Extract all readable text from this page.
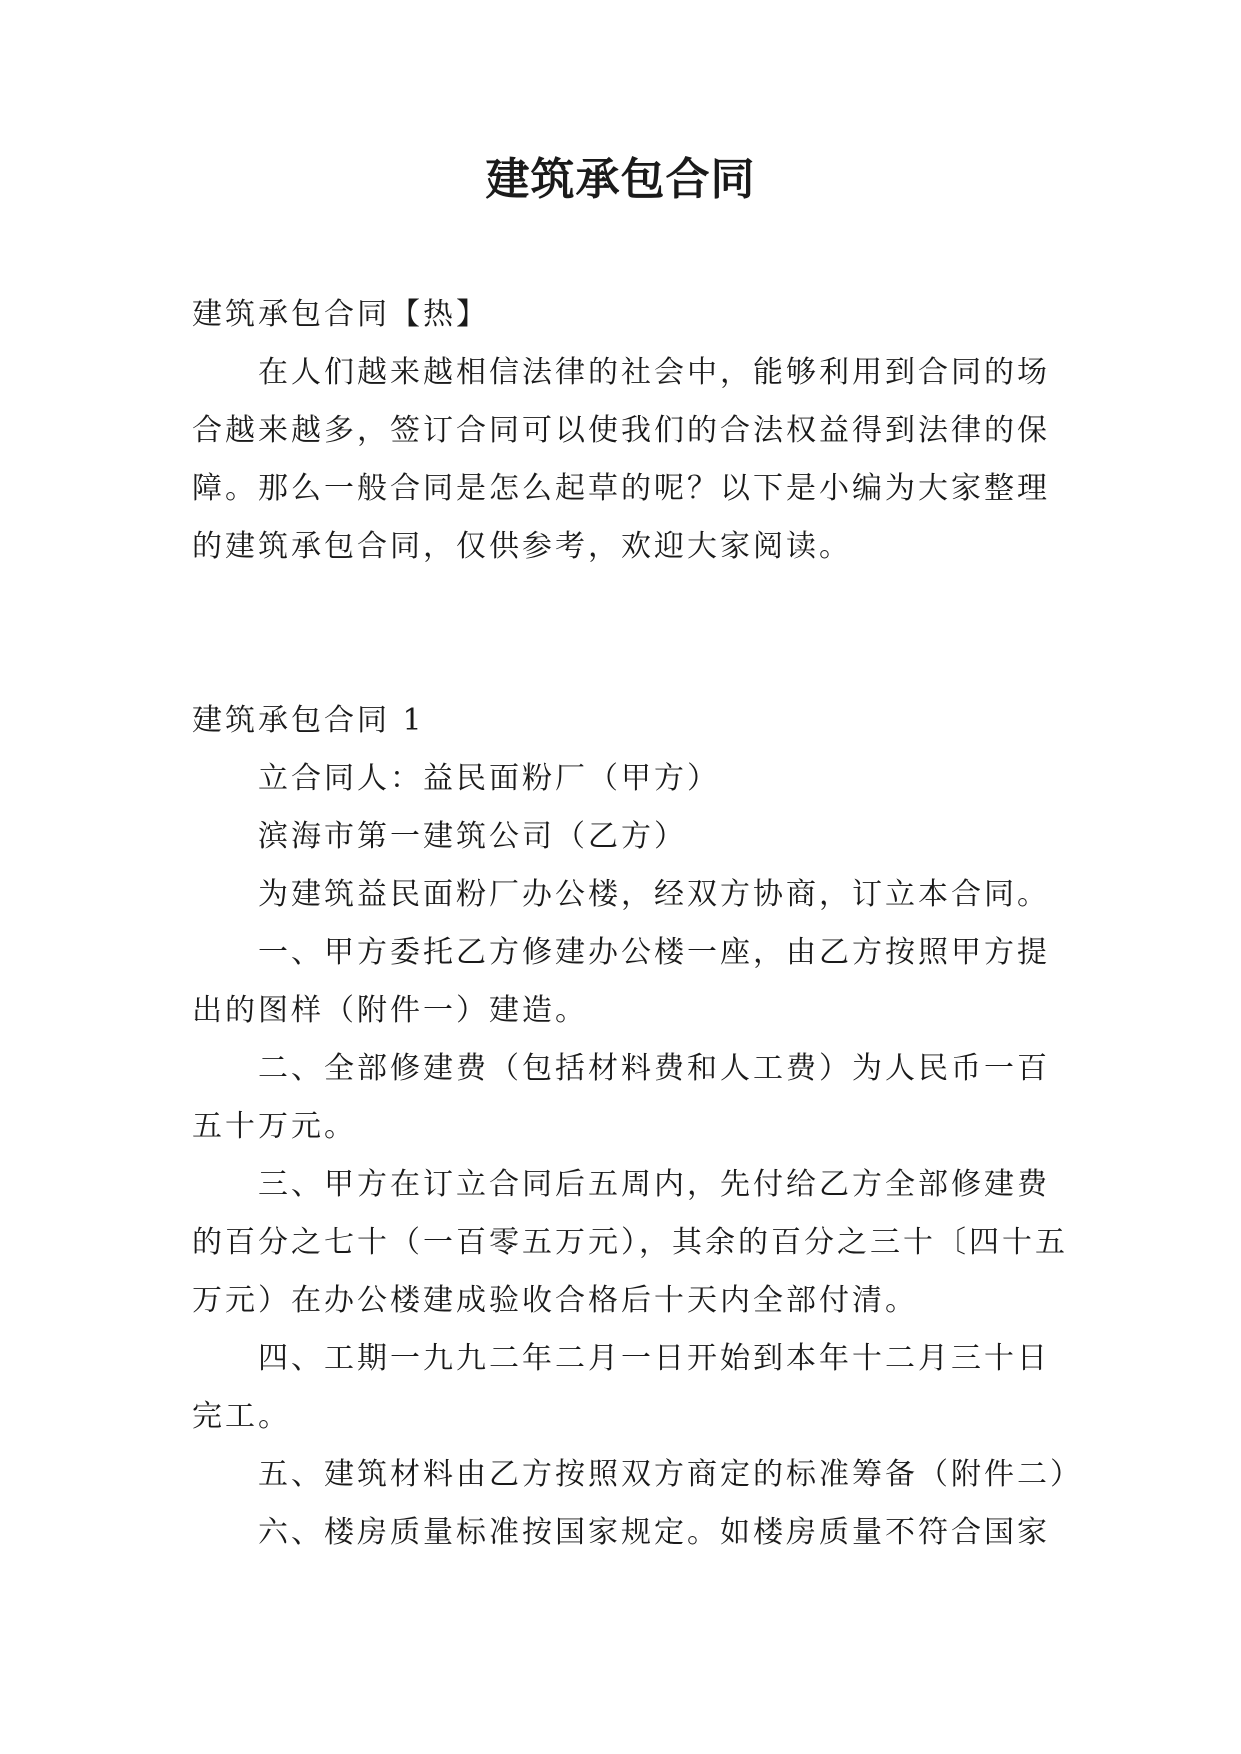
建筑承包合同

建筑承包合同【热】

在人们越来越相信法律的社会中，能够利用到合同的场合越来越多，签订合同可以使我们的合法权益得到法律的保障。那么一般合同是怎么起草的呢？以下是小编为大家整理的建筑承包合同，仅供参考，欢迎大家阅读。

建筑承包合同 1

立合同人：益民面粉厂（甲方）

滨海市第一建筑公司（乙方）

为建筑益民面粉厂办公楼，经双方协商，订立本合同。

一、甲方委托乙方修建办公楼一座，由乙方按照甲方提出的图样（附件一）建造。

二、全部修建费（包括材料费和人工费）为人民币一百五十万元。

三、甲方在订立合同后五周内，先付给乙方全部修建费的百分之七十（一百零五万元），其余的百分之三十〔四十五万元）在办公楼建成验收合格后十天内全部付清。

四、工期一九九二年二月一日开始到本年十二月三十日完工。

五、建筑材料由乙方按照双方商定的标准筹备（附件二）

六、楼房质量标准按国家规定。如楼房质量不符合国家
